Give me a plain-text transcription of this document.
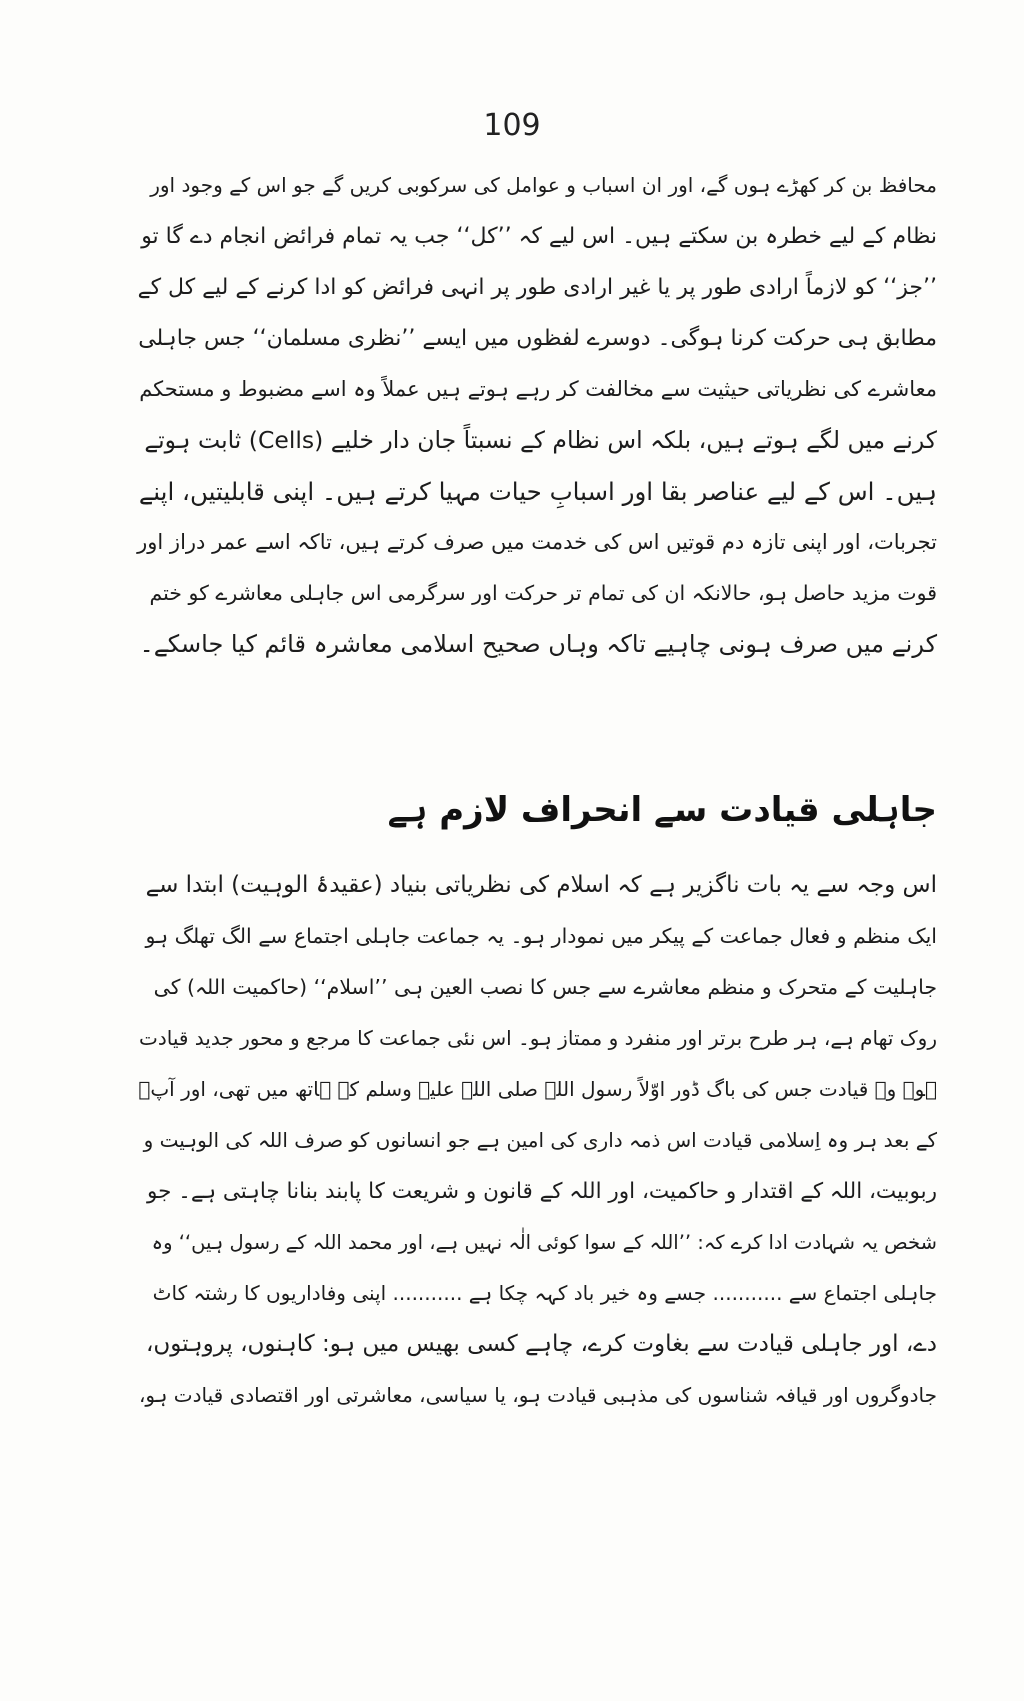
109

محافظ بن کر کھڑے ہوں گے، اور ان اسباب و عوامل کی سرکوبی کریں گے جو اس کے وجود اور
نظام کے لیے خطرہ بن سکتے ہیں۔ اس لیے کہ ’’کل‘‘ جب یہ تمام فرائض انجام دے گا تو
’’جز‘‘ کو لازماً ارادی طور پر یا غیر ارادی طور پر انہی فرائض کو ادا کرنے کے لیے کل کے
مطابق ہی حرکت کرنا ہوگی۔ دوسرے لفظوں میں ایسے ’’نظری مسلمان‘‘ جس جاہلی
معاشرے کی نظریاتی حیثیت سے مخالفت کر رہے ہوتے ہیں عملاً وہ اسے مضبوط و مستحکم
کرنے میں لگے ہوتے ہیں، بلکہ اس نظام کے نسبتاً جان دار خلیے (Cells) ثابت ہوتے
ہیں۔ اس کے لیے عناصر بقا اور اسبابِ حیات مہیا کرتے ہیں۔ اپنی قابلیتیں، اپنے
تجربات، اور اپنی تازہ دم قوتیں اس کی خدمت میں صرف کرتے ہیں، تاکہ اسے عمر دراز اور
قوت مزید حاصل ہو، حالانکہ ان کی تمام تر حرکت اور سرگرمی اس جاہلی معاشرے کو ختم
کرنے میں صرف ہونی چاہیے تاکہ وہاں صحیح اسلامی معاشرہ قائم کیا جاسکے۔
جاہلی قیادت سے انحراف لازم ہے
اس وجہ سے یہ بات ناگزیر ہے کہ اسلام کی نظریاتی بنیاد (عقیدۂ الوہیت) ابتدا سے
ایک منظم و فعال جماعت کے پیکر میں نمودار ہو۔ یہ جماعت جاہلی اجتماع سے الگ تھلگ ہو
جاہلیت کے متحرک و منظم معاشرے سے جس کا نصب العین ہی ’’اسلام‘‘ (حاکمیت اللہ) کی
روک تھام ہے، ہر طرح برتر اور منفرد و ممتاز ہو۔ اس نئی جماعت کا مرجع و محور جدید قیادت
ہو۔ وہ قیادت جس کی باگ ڈور اوّلاً رسول اللہ صلی اللہ علیہ وسلم کے ہاتھ میں تھی، اور آپؐ
کے بعد ہر وہ اِسلامی قیادت اس ذمہ داری کی امین ہے جو انسانوں کو صرف اللہ کی الوہیت و
ربوبیت، اللہ کے اقتدار و حاکمیت، اور اللہ کے قانون و شریعت کا پابند بنانا چاہتی ہے۔ جو
شخص یہ شہادت ادا کرے کہ: ’’اللہ کے سوا کوئی الٰہ نہیں ہے، اور محمد اللہ کے رسول ہیں‘‘ وہ
جاہلی اجتماع سے ........... جسے وہ خیر باد کہہ چکا ہے ........... اپنی وفاداریوں کا رشتہ کاٹ
دے، اور جاہلی قیادت سے بغاوت کرے، چاہے کسی بھیس میں ہو: کاہنوں، پروہتوں،
جادوگروں اور قیافہ شناسوں کی مذہبی قیادت ہو، یا سیاسی، معاشرتی اور اقتصادی قیادت ہو،
